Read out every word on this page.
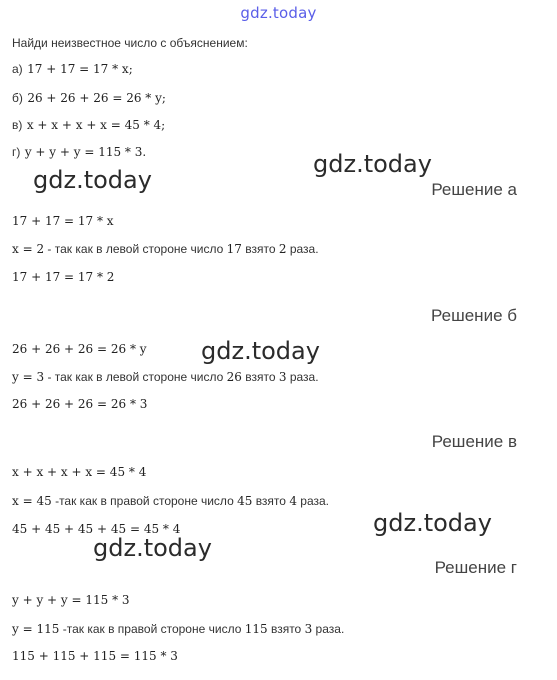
gdz.today
Найди неизвестное число с объяснением:
а) 17 + 17 = 17 * x;
б) 26 + 26 + 26 = 26 * y;
в) x + x + x + x = 45 * 4;
г) y + y + y = 115 * 3.	gdz.today
gdz.today
gdz.today
gdz.today
gdz.today
Решение а
17 + 17 = 17 * x
x = 2 - так как в левой стороне число 17 взято 2 раза.
17 + 17 = 17 * 2
Решение б
26 + 26 + 26 = 26 * y
y = 3 - так как в левой стороне число 26 взято 3 раза.
26 + 26 + 26 = 26 * 3
Решение в
x + x + x + x = 45 * 4
x = 45 -так как в правой стороне число 45 взято 4 раза.
45 + 45 + 45 + 45 = 45 * 4
Решение г
y + y + y = 115 * 3
y = 115 -так как в правой стороне число 115 взято 3 раза.
115 + 115 + 115 = 115 * 3
